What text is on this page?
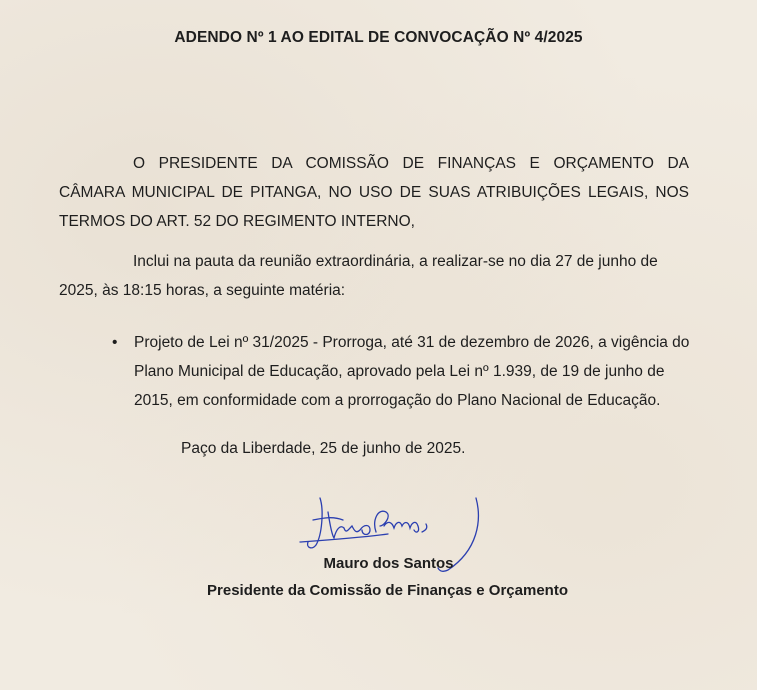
ADENDO Nº 1 AO EDITAL DE CONVOCAÇÃO Nº 4/2025
O PRESIDENTE DA COMISSÃO DE FINANÇAS E ORÇAMENTO DA
CÂMARA MUNICIPAL DE PITANGA, NO USO DE SUAS ATRIBUIÇÕES LEGAIS, NOS TERMOS DO ART. 52 DO REGIMENTO INTERNO,
Inclui na pauta da reunião extraordinária, a realizar-se no dia 27 de junho de
2025, às 18:15 horas, a seguinte matéria:
• Projeto de Lei nº 31/2025 - Prorroga, até 31 de dezembro de 2026, a vigência do Plano Municipal de Educação, aprovado pela Lei nº 1.939, de 19 de junho de 2015, em conformidade com a prorrogação do Plano Nacional de Educação.
Paço da Liberdade, 25 de junho de 2025.
Mauro dos Santos
Presidente da Comissão de Finanças e Orçamento
